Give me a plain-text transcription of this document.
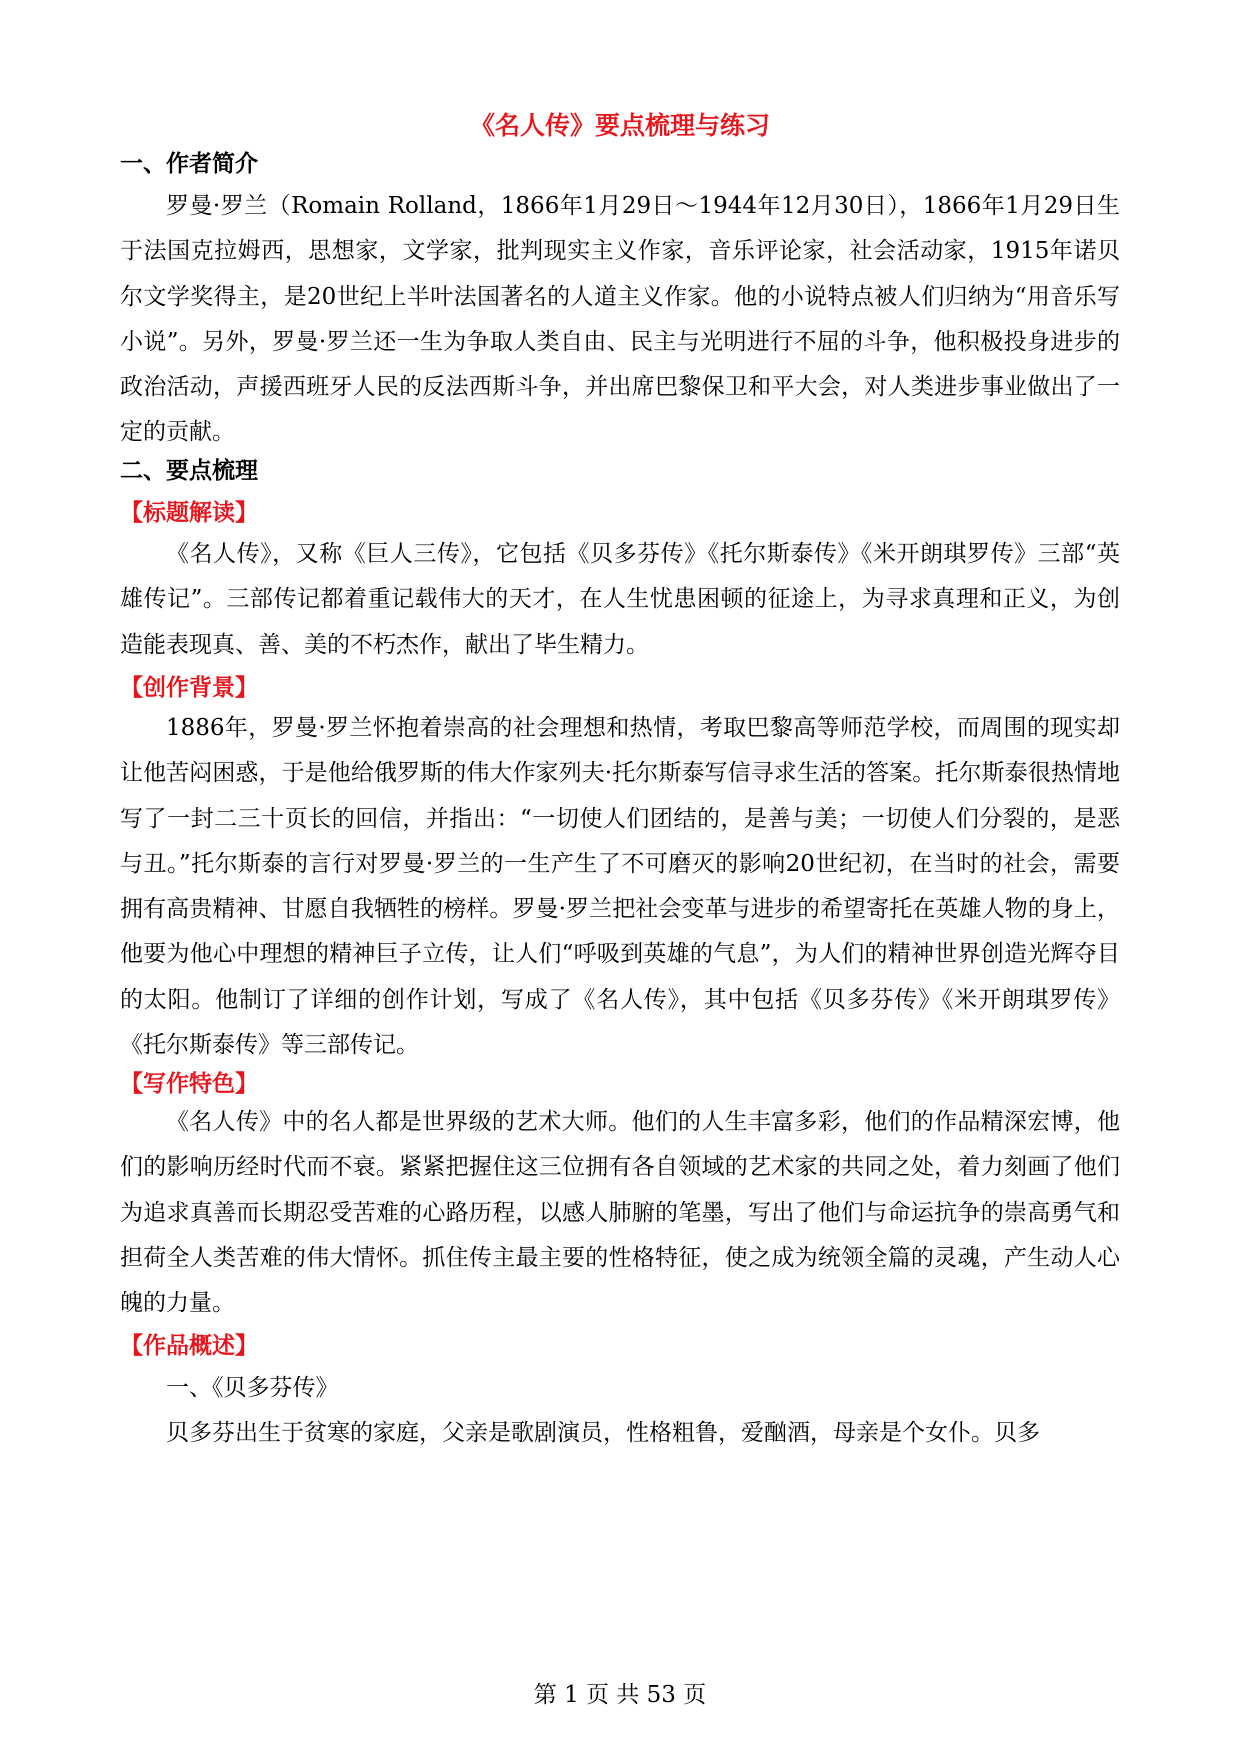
《名人传》要点梳理与练习
一、作者简介

罗曼·罗兰（Romain Rolland，1866年1月29日～1944年12月30日），1866年1月29日生于法国克拉姆西，思想家，文学家，批判现实主义作家，音乐评论家，社会活动家，1915年诺贝尔文学奖得主，是20世纪上半叶法国著名的人道主义作家。他的小说特点被人们归纳为“用音乐写小说”。另外，罗曼·罗兰还一生为争取人类自由、民主与光明进行不屈的斗争，他积极投身进步的政治活动，声援西班牙人民的反法西斯斗争，并出席巴黎保卫和平大会，对人类进步事业做出了一定的贡献。

二、要点梳理
【标题解读】

《名人传》，又称《巨人三传》，它包括《贝多芬传》《托尔斯泰传》《米开朗琪罗传》三部“英雄传记”。三部传记都着重记载伟大的天才，在人生忧患困顿的征途上，为寻求真理和正义，为创造能表现真、善、美的不朽杰作，献出了毕生精力。

【创作背景】

1886年，罗曼·罗兰怀抱着崇高的社会理想和热情，考取巴黎高等师范学校，而周围的现实却让他苦闷困惑，于是他给俄罗斯的伟大作家列夫·托尔斯泰写信寻求生活的答案。托尔斯泰很热情地写了一封二三十页长的回信，并指出：“一切使人们团结的，是善与美；一切使人们分裂的，是恶与丑。”托尔斯泰的言行对罗曼·罗兰的一生产生了不可磨灭的影响20世纪初，在当时的社会，需要拥有高贵精神、甘愿自我牺牲的榜样。罗曼·罗兰把社会变革与进步的希望寄托在英雄人物的身上，他要为他心中理想的精神巨子立传，让人们“呼吸到英雄的气息”，为人们的精神世界创造光辉夺目的太阳。他制订了详细的创作计划，写成了《名人传》，其中包括《贝多芬传》《米开朗琪罗传》《托尔斯泰传》等三部传记。

【写作特色】

《名人传》中的名人都是世界级的艺术大师。他们的人生丰富多彩，他们的作品精深宏博，他们的影响历经时代而不衰。紧紧把握住这三位拥有各自领域的艺术家的共同之处，着力刻画了他们为追求真善而长期忍受苦难的心路历程，以感人肺腑的笔墨，写出了他们与命运抗争的崇高勇气和担荷全人类苦难的伟大情怀。抓住传主最主要的性格特征，使之成为统领全篇的灵魂，产生动人心魄的力量。

【作品概述】

一、《贝多芬传》

贝多芬出生于贫寒的家庭，父亲是歌剧演员，性格粗鲁，爱酗酒，母亲是个女仆。贝多

第 1 页 共 53 页
